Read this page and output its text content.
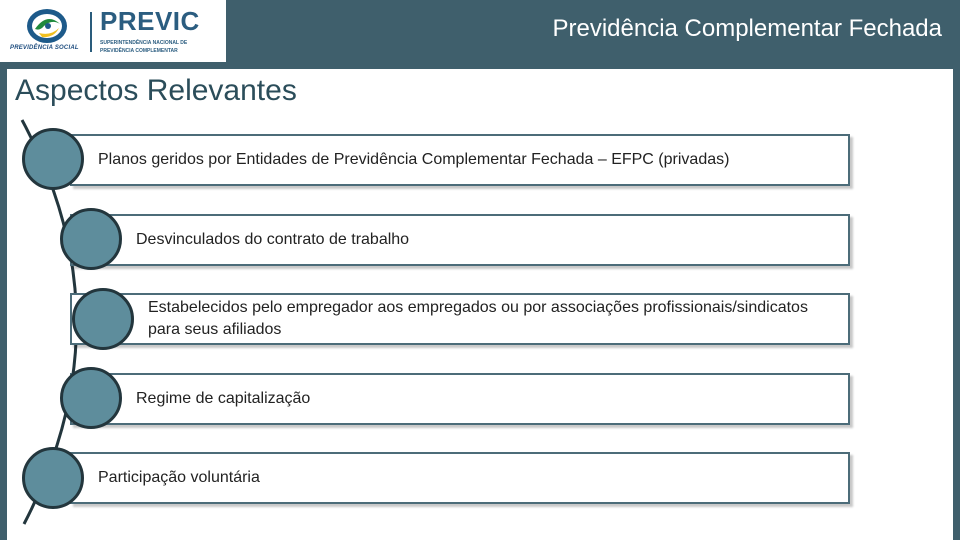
PREVIDÊNCIA SOCIAL
PREVIC
SUPERINTENDÊNCIA NACIONAL DE
PREVIDÊNCIA COMPLEMENTAR
Previdência Complementar Fechada
Aspectos Relevantes
Planos geridos por Entidades de Previdência Complementar Fechada – EFPC (privadas)
Desvinculados do contrato de trabalho
Estabelecidos pelo empregador aos empregados ou por associações profissionais/sindicatos para seus afiliados
Regime de capitalização
Participação voluntária
